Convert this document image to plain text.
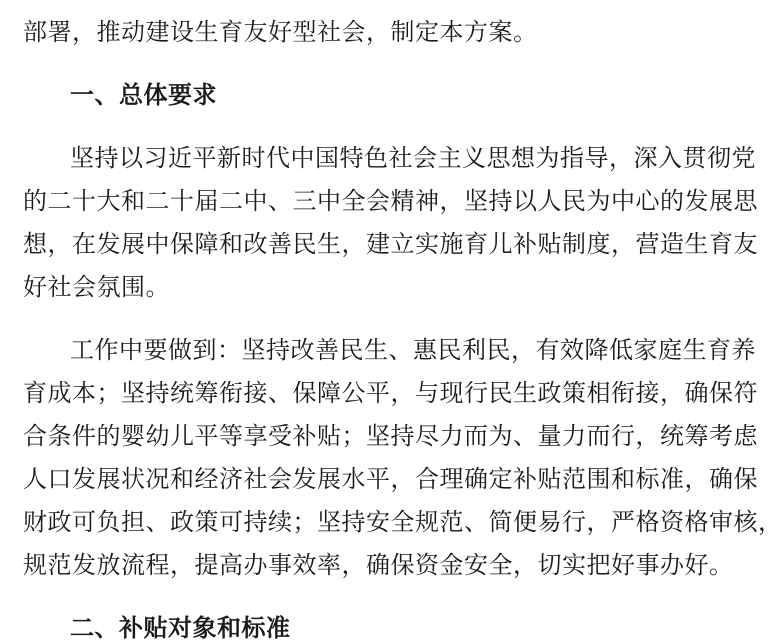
部署，推动建设生育友好型社会，制定本方案。
一、总体要求
坚持以习近平新时代中国特色社会主义思想为指导，深入贯彻党
的二十大和二十届二中、三中全会精神，坚持以人民为中心的发展思
想，在发展中保障和改善民生，建立实施育儿补贴制度，营造生育友
好社会氛围。
工作中要做到：坚持改善民生、惠民利民，有效降低家庭生育养
育成本；坚持统筹衔接、保障公平，与现行民生政策相衔接，确保符
合条件的婴幼儿平等享受补贴；坚持尽力而为、量力而行，统筹考虑
人口发展状况和经济社会发展水平，合理确定补贴范围和标准，确保
财政可负担、政策可持续；坚持安全规范、简便易行，严格资格审核，
规范发放流程，提高办事效率，确保资金安全，切实把好事办好。
二、补贴对象和标准
